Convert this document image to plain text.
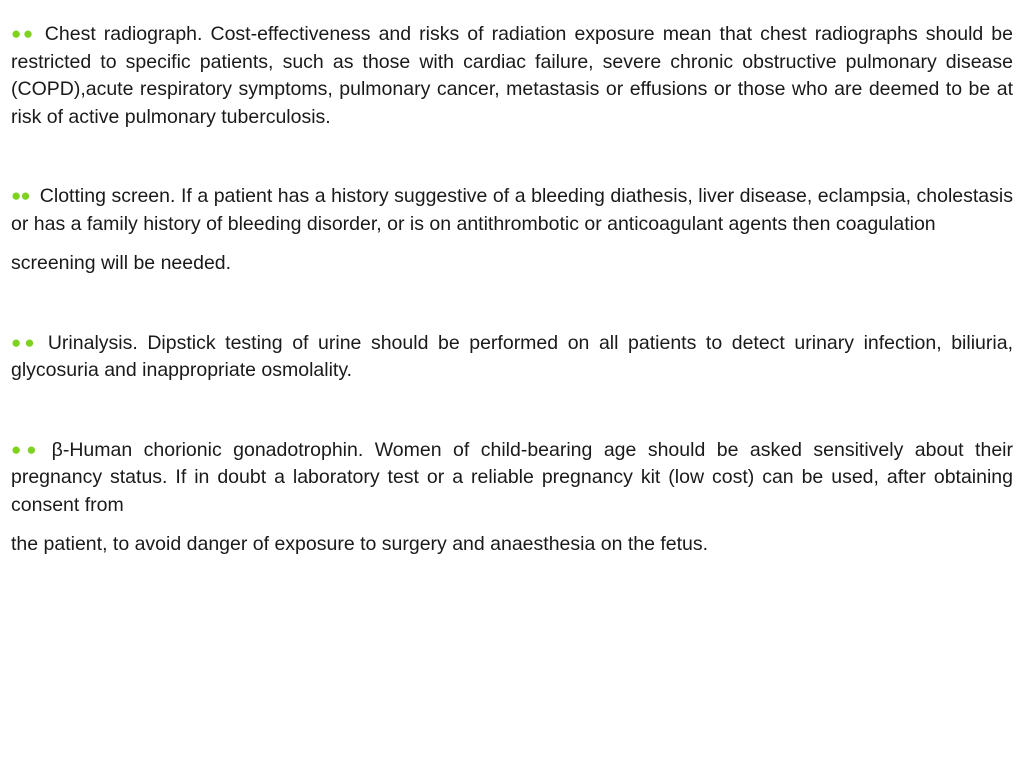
●● Chest radiograph. Cost-effectiveness and risks of radiation exposure mean that chest radiographs should be restricted to specific patients, such as those with cardiac failure, severe chronic obstructive pulmonary disease (COPD),acute respiratory symptoms, pulmonary cancer, metastasis or effusions or those who are deemed to be at risk of active pulmonary tuberculosis.

●● Clotting screen. If a patient has a history suggestive of a bleeding diathesis, liver disease, eclampsia, cholestasis or has a family history of bleeding disorder, or is on antithrombotic or anticoagulant agents then coagulation

screening will be needed.

●● Urinalysis. Dipstick testing of urine should be performed on all patients to detect urinary infection, biliuria, glycosuria and inappropriate osmolality.

●● β-Human chorionic gonadotrophin. Women of child-bearing age should be asked sensitively about their pregnancy status. If in doubt a laboratory test or a reliable pregnancy kit (low cost) can be used, after obtaining consent from

the patient, to avoid danger of exposure to surgery and anaesthesia on the fetus.
